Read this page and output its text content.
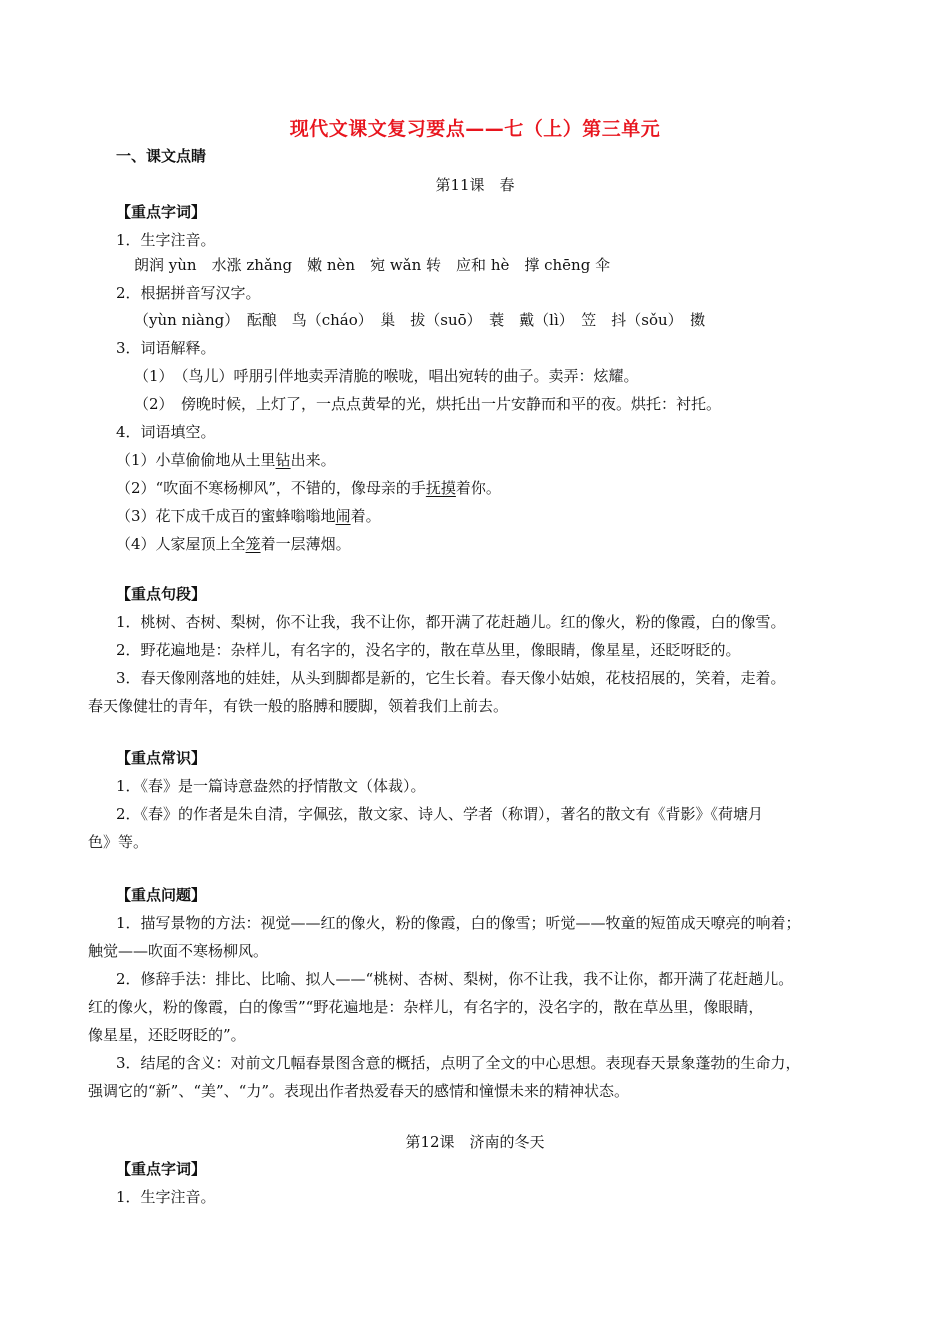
现代文课文复习要点——七（上）第三单元
一、课文点睛
第11课　春
【重点字词】
1．生字注音。
朗润 yùn　水涨 zhǎng　嫩 nèn　宛 wǎn 转　应和 hè　撑 chēng 伞
2．根据拼音写汉字。
（yùn niàng）　酝酿　鸟（cháo）　巢　拔（suō）　蓑　戴（lì）　笠　抖（sǒu）　擞
3．词语解释。
（1）　（鸟儿）呼朋引伴地卖弄清脆的喉咙，唱出宛转的曲子。卖弄：炫耀。
（2）　傍晚时候，上灯了，一点点黄晕的光，烘托出一片安静而和平的夜。烘托：衬托。
4．词语填空。
（1）小草偷偷地从土里钻出来。
（2）“吹面不寒杨柳风”，不错的，像母亲的手抚摸着你。
（3）花下成千成百的蜜蜂嗡嗡地闹着。
（4）人家屋顶上全笼着一层薄烟。
【重点句段】
1．桃树、杏树、梨树，你不让我，我不让你，都开满了花赶趟儿。红的像火，粉的像霞，白的像雪。
2．野花遍地是：杂样儿，有名字的，没名字的，散在草丛里，像眼睛，像星星，还眨呀眨的。
3．春天像刚落地的娃娃，从头到脚都是新的，它生长着。春天像小姑娘，花枝招展的，笑着，走着。
春天像健壮的青年，有铁一般的胳膊和腰脚，领着我们上前去。
【重点常识】
1．《春》是一篇诗意盎然的抒情散文（体裁）。
2．《春》的作者是朱自清，字佩弦，散文家、诗人、学者（称谓），著名的散文有《背影》《荷塘月
色》等。
【重点问题】
1．描写景物的方法：视觉——红的像火，粉的像霞，白的像雪；听觉——牧童的短笛成天嘹亮的响着；
触觉——吹面不寒杨柳风。
2．修辞手法：排比、比喻、拟人——“桃树、杏树、梨树，你不让我，我不让你，都开满了花赶趟儿。
红的像火，粉的像霞，白的像雪”“野花遍地是：杂样儿，有名字的，没名字的，散在草丛里，像眼睛，
像星星，还眨呀眨的”。
3．结尾的含义：对前文几幅春景图含意的概括，点明了全文的中心思想。表现春天景象蓬勃的生命力，
强调它的“新”、“美”、“力”。表现出作者热爱春天的感情和憧憬未来的精神状态。
第12课　济南的冬天
【重点字词】
1．生字注音。
